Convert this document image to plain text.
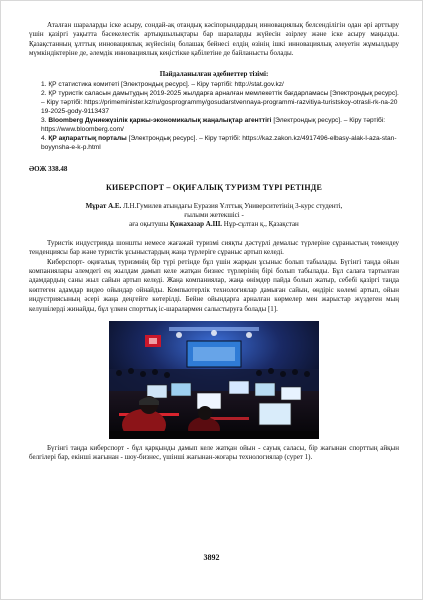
Аталған шараларды іске асыру, сондай-ақ отандық кәсіпорындардың инновациялық белсенділігін одан әрі арттыру үшін қазіргі уақытта бәсекелестік артықшылықтары бар шараларды жүйесін әзірлеу және іске асыру маңызды. Қазақстанның ұлттық инновациялық жүйесінің болашақ бейнесі елдің өзінің ішкі инновациялық әлеуетін жұмылдыру мүмкіндіктеріне де, әлемдік инновациялық кеңістікке қабілетіне де байланысты болады.

Пайдаланылған әдебиеттер тізімі:
1. ҚР статистика комитеті [Электрондық ресурс]. – Кіру тәртібі: http://stat.gov.kz/
2. ҚР туристік саласын дамытудың 2019-2025 жылдарға арналған мемлекеттік бағдарламасы [Электрондық ресурс]. – Кіру тәртібі: https://primeminister.kz/ru/gosprogrammy/gosudarstvennaya-programmi-razvitiya-turistskoy-otrasli-rk-na-2019-2025-gody-9113437
3. Bloomberg Дүниежүзілік қаржы-экономикалық жаңалықтар агенттігі [Электрондық ресурс]. – Кіру тәртібі: https://www.bloomberg.com/
4. ҚР ақпараттық порталы [Электрондық ресурс]. – Кіру тәртібі: https://kaz.zakon.kz/4917496-elbasy-alak-l-aza-stan-boyynsha-e-k-p.html
ӘОЖ 338.48
КИБЕРСПОРТ – ОҚИҒАЛЫҚ ТУРИЗМ ТҮРІ РЕТІНДЕ
Мұрат А.Е. Л.Н.Гумилев атындағы Еуразия Ұлттық Университетінің 3-курс студенті,
ғылыми жетекшісі -
аға оқытушы Қожахазар А.Ш. Нұр-сұлтан қ., Қазақстан

Туристік индустрияда шоншты немесе жағажай туризмі сияқты дәстүрлі демалыс түрлеріне сұраныстың төмендеу тенденциясы бар және туристік ұсыныстардың жаңа түрлеріге сұраныс артып келеді.

Киберспорт- оқиғалық туризмнің бір түрі ретінде бұл үшін жарқын ұсыныс болып табылады. Бүгінгі таңда ойын компаниялары әлемдегі ең жылдам дамып келе жатқан бизнес түрлерінің бірі болып табылады. Бұл салаға тартылған адамдардың саны жыл сайын артып келеді. Жаңа компаниялар, жаңа өнімдер пайда болып жатыр, себебі қазіргі таңда көптеген адамдар видео ойындар ойнайды. Компьютерлік технологиялар дамыған сайын, өндіріс көлемі артып, ойын индустриясының әсері жаңа деңгейге көтерілді. Бейне ойындарға арналған көрмелер мен жарыстар жүздеген мың келушілерді жинайды, бұл үлкен спорттық іс-шаралармен салыстыруға болады [1].

Бүгінгі таңда киберспорт - бұл қарқынды дамып келе жатқан ойын - сауық саласы, бір жағынан спорттың айқын белгілері бар, екінші жағынан - шоу-бизнес, үшінші жағынан-жоғары технологиялар (сурет 1).

3892
